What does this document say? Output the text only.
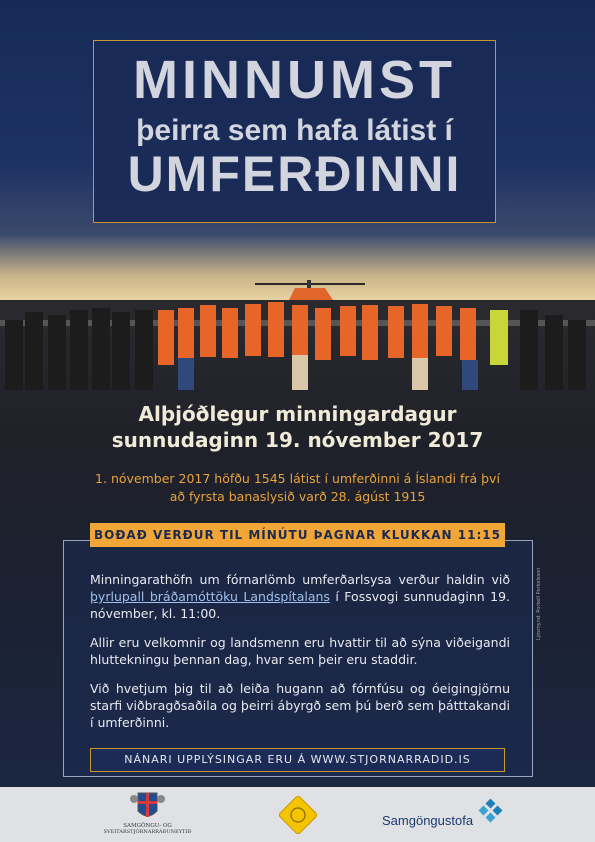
MINNUMST
þeirra sem hafa látist í
UMFERÐINNI
Alþjóðlegur minningardagur
sunnudaginn 19. nóvember 2017
1. nóvember 2017 höfðu 1545 látist í umferðinni á Íslandi frá því
að fyrsta banaslysið varð 28. ágúst 1915

Minningarathöfn um fórnarlömb umferðarlsysa verður haldin við þyrlupall bráðamóttöku Landspítalans í Fossvogi sunnudaginn 19. nóvember, kl. 11:00.

Allir eru velkomnir og landsmenn eru hvattir til að sýna viðeigandi hluttekningu þennan dag, hvar sem þeir eru staddir.

Við hvetjum þig til að leiða hugann að fórnfúsu og óeigingjörnu starfi viðbragðsaðila og þeirri ábyrgð sem þú berð sem þátttakandi í umferðinni.

BOÐAÐ VERÐUR TIL MÍNÚTU ÞAGNAR KLUKKAN 11:15
NÁNARI UPPLÝSINGAR ERU Á WWW.STJORNARRADID.IS
Ljósmynd: Þorkell Þorkelsson
SAMGÖNGU- OG
SVEITARSTJÓRNARRÁÐUNEYTIÐ
Samgöngustofa
